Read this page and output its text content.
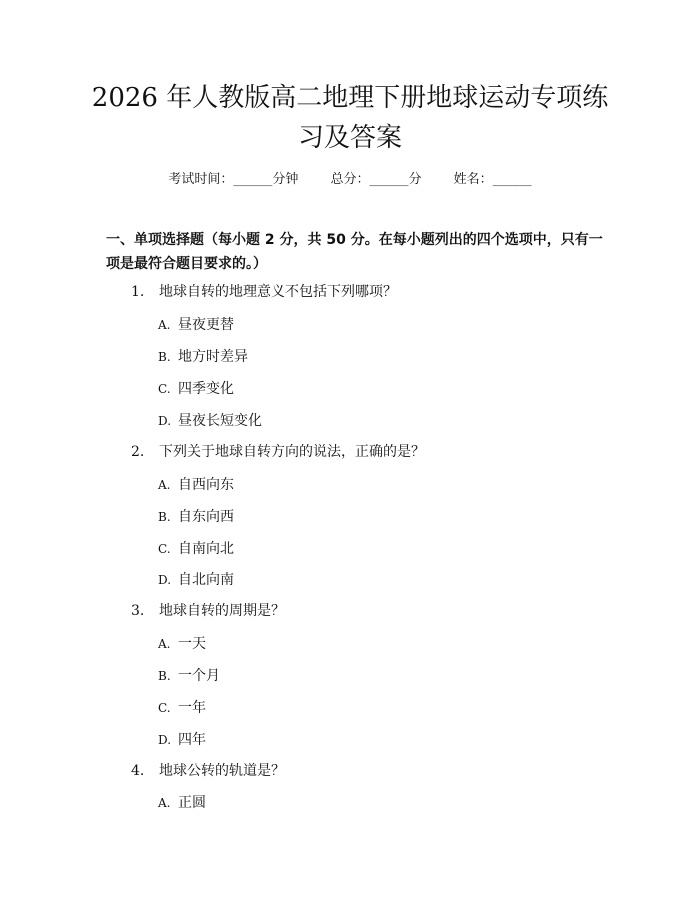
2026 年人教版高二地理下册地球运动专项练
习及答案
考试时间：______分钟 总分：______分 姓名：______
一、单项选择题（每小题 2 分，共 50 分。在每小题列出的四个选项中，只有一项是最符合题目要求的。）
1. 地球自转的地理意义不包括下列哪项？
A. 昼夜更替
B. 地方时差异
C. 四季变化
D. 昼夜长短变化
2. 下列关于地球自转方向的说法，正确的是？
A. 自西向东
B. 自东向西
C. 自南向北
D. 自北向南
3. 地球自转的周期是？
A. 一天
B. 一个月
C. 一年
D. 四年
4. 地球公转的轨道是？
A. 正圆
